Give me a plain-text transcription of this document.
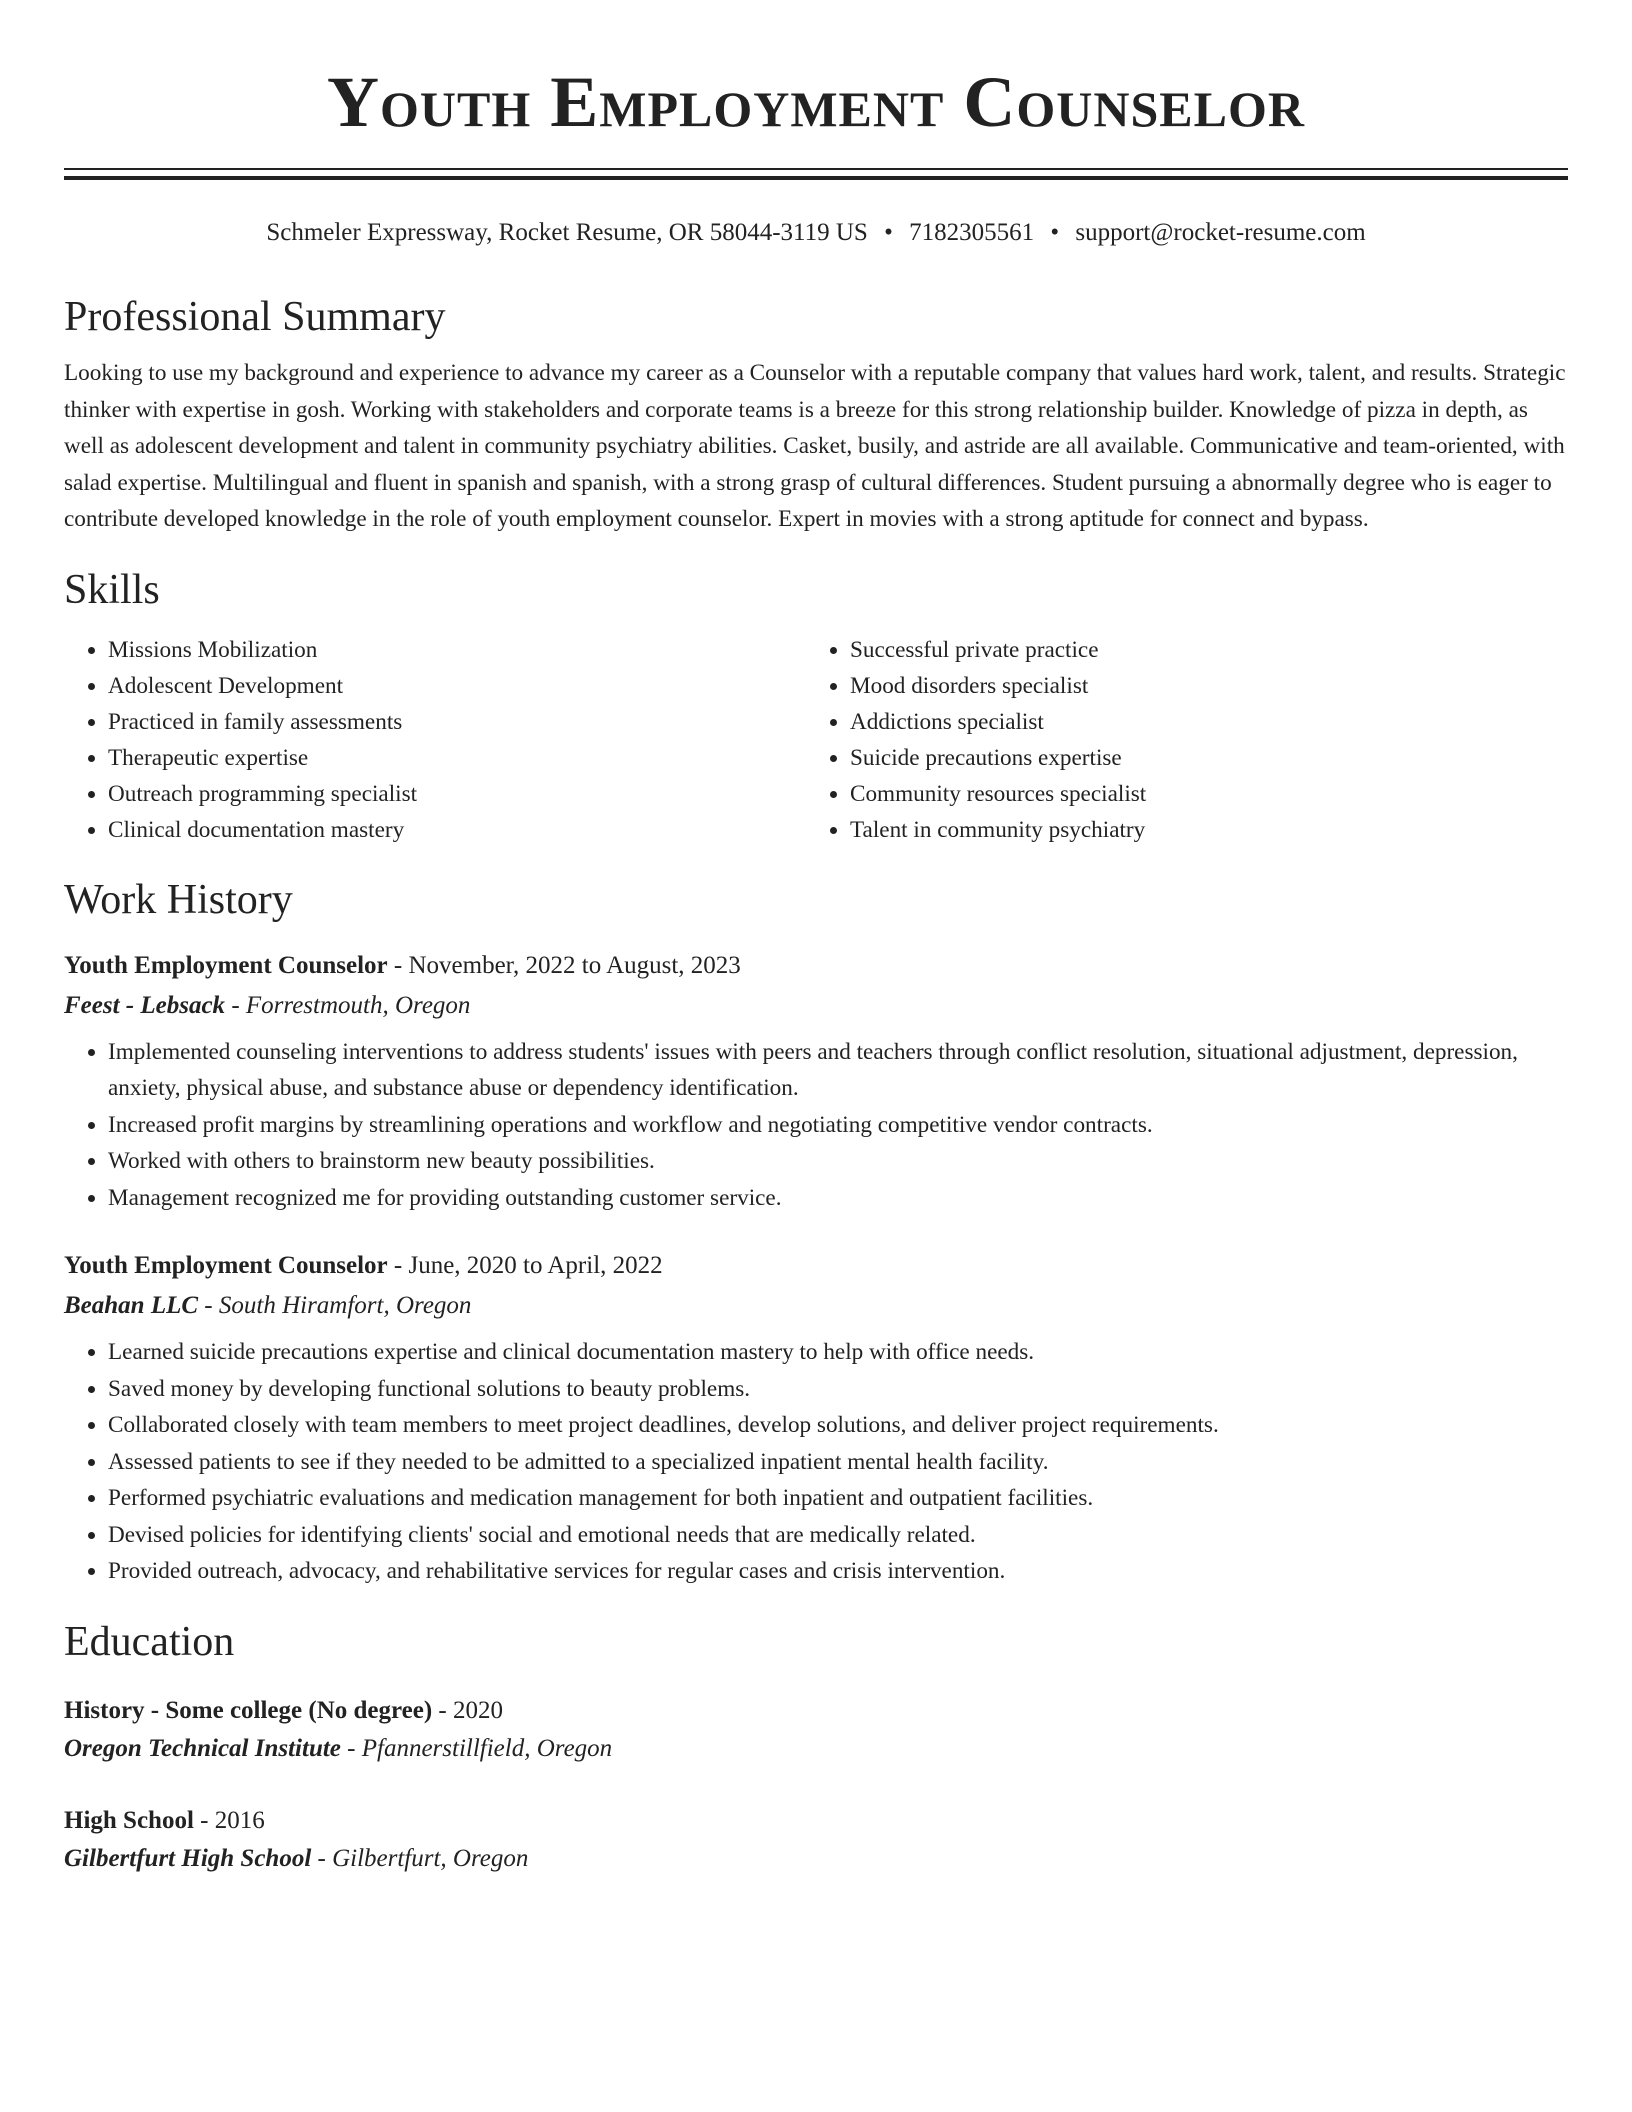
Youth Employment Counselor
Schmeler Expressway, Rocket Resume, OR 58044-3119 US • 7182305561 • support@rocket-resume.com
Professional Summary

Looking to use my background and experience to advance my career as a Counselor with a reputable company that values hard work, talent, and results. Strategic thinker with expertise in gosh. Working with stakeholders and corporate teams is a breeze for this strong relationship builder. Knowledge of pizza in depth, as well as adolescent development and talent in community psychiatry abilities. Casket, busily, and astride are all available. Communicative and team-oriented, with salad expertise. Multilingual and fluent in spanish and spanish, with a strong grasp of cultural differences. Student pursuing a abnormally degree who is eager to contribute developed knowledge in the role of youth employment counselor. Expert in movies with a strong aptitude for connect and bypass.

Skills
• Missions Mobilization
• Adolescent Development
• Practiced in family assessments
• Therapeutic expertise
• Outreach programming specialist
• Clinical documentation mastery
• Successful private practice
• Mood disorders specialist
• Addictions specialist
• Suicide precautions expertise
• Community resources specialist
• Talent in community psychiatry
Work History
Youth Employment Counselor - November, 2022 to August, 2023
Feest - Lebsack - Forrestmouth, Oregon
• Implemented counseling interventions to address students' issues with peers and teachers through conflict resolution, situational adjustment, depression, anxiety, physical abuse, and substance abuse or dependency identification.
• Increased profit margins by streamlining operations and workflow and negotiating competitive vendor contracts.
• Worked with others to brainstorm new beauty possibilities.
• Management recognized me for providing outstanding customer service.
Youth Employment Counselor - June, 2020 to April, 2022
Beahan LLC - South Hiramfort, Oregon
• Learned suicide precautions expertise and clinical documentation mastery to help with office needs.
• Saved money by developing functional solutions to beauty problems.
• Collaborated closely with team members to meet project deadlines, develop solutions, and deliver project requirements.
• Assessed patients to see if they needed to be admitted to a specialized inpatient mental health facility.
• Performed psychiatric evaluations and medication management for both inpatient and outpatient facilities.
• Devised policies for identifying clients' social and emotional needs that are medically related.
• Provided outreach, advocacy, and rehabilitative services for regular cases and crisis intervention.
Education
History - Some college (No degree) - 2020
Oregon Technical Institute - Pfannerstillfield, Oregon
High School - 2016
Gilbertfurt High School - Gilbertfurt, Oregon
